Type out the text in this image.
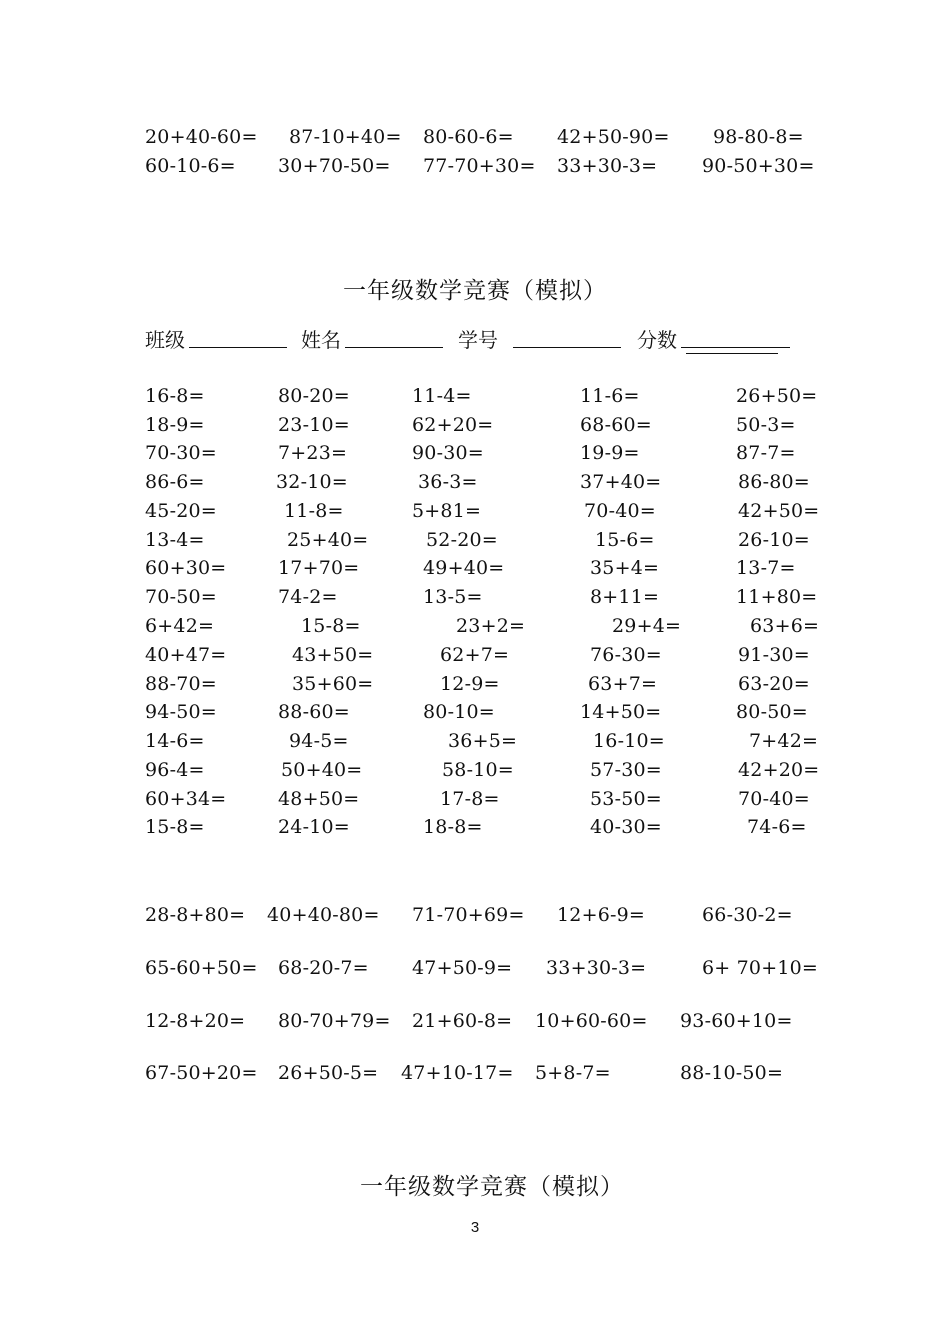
20+40-60= 87-10+40= 80-60-6= 42+50-90= 98-80-8=
60-10-6= 30+70-50= 77-70+30= 33+30-3= 90-50+30=
一年级数学竞赛（模拟）
班级	姓名	学号	分数
16-8=	80-20=	11-4=	11-6=	26+50=
18-9=	23-10=	62+20=	68-60=	50-3=
70-30=	7+23=	90-30=	19-9=	87-7=
86-6=	32-10=	36-3=	37+40=	86-80=
45-20=	11-8=	5+81=	70-40=	42+50=
13-4=	25+40=	52-20=	15-6=	26-10=
60+30=	17+70=	49+40=	35+4=	13-7=
70-50=	74-2=	13-5=	8+11=	11+80=
6+42=	15-8=	23+2=	29+4=	63+6=
40+47=	43+50=	62+7=	76-30=	91-30=
88-70=	35+60=	12-9=	63+7=	63-20=
94-50=	88-60=	80-10=	14+50=	80-50=
14-6=	94-5=	36+5=	16-10=	7+42=
96-4=	50+40=	58-10=	57-30=	42+20=
60+34=	48+50=	17-8=	53-50=	70-40=
15-8=	24-10=	18-8=	40-30=	74-6=
28-8+80= 40+40-80= 71-70+69= 12+6-9=	66-30-2=
65-60+50= 68-20-7= 47+50-9= 33+30-3=	6+ 70+10=
12-8+20= 80-70+79= 21+60-8= 10+60-60= 93-60+10=
67-50+20= 26+50-5= 47+10-17= 5+8-7=	88-10-50=
一年级数学竞赛（模拟）
3
